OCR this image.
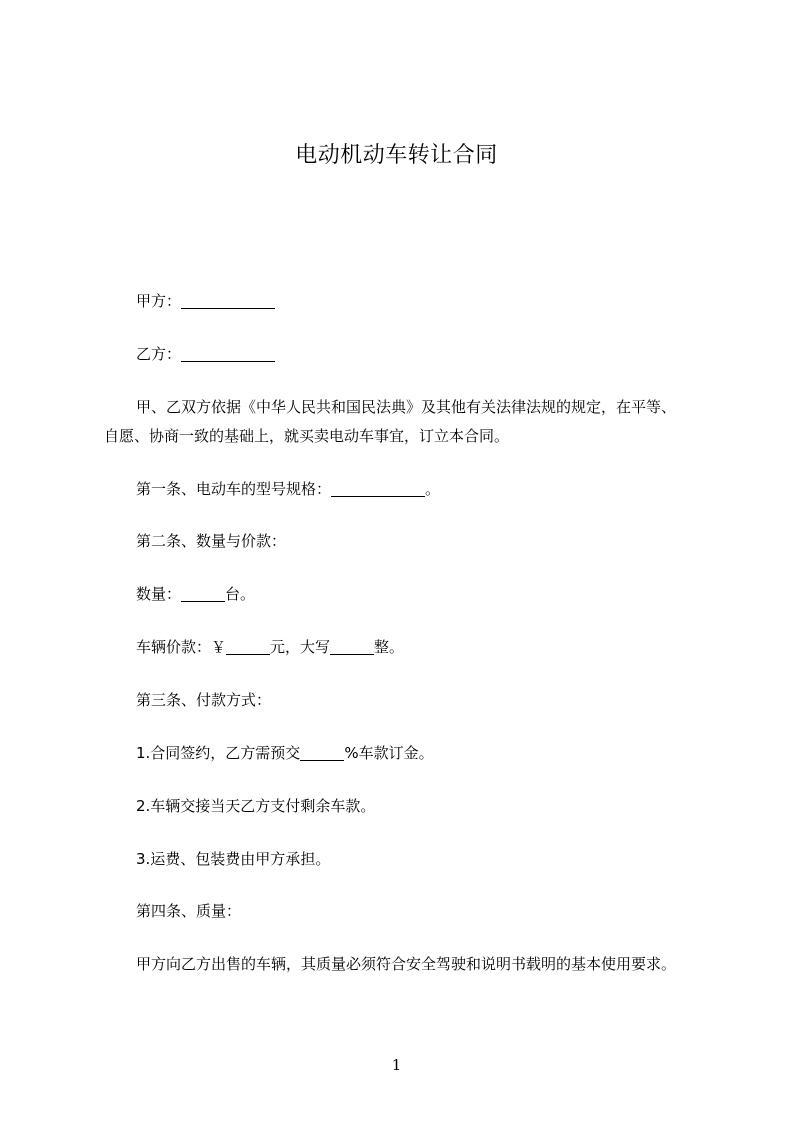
电动机动车转让合同
甲方：
乙方：
甲、乙双方依据《中华人民共和国民法典》及其他有关法律法规的规定，在平等、
自愿、协商一致的基础上，就买卖电动车事宜，订立本合同。
第一条、电动车的型号规格：	。
第二条、数量与价款：
数量：	台。
车辆价款：￥	元，大写	整。
第三条、付款方式：
1.合同签约，乙方需预交	%车款订金。
2.车辆交接当天乙方支付剩余车款。
3.运费、包装费由甲方承担。
第四条、质量：
甲方向乙方出售的车辆，其质量必须符合安全驾驶和说明书载明的基本使用要求。
1
